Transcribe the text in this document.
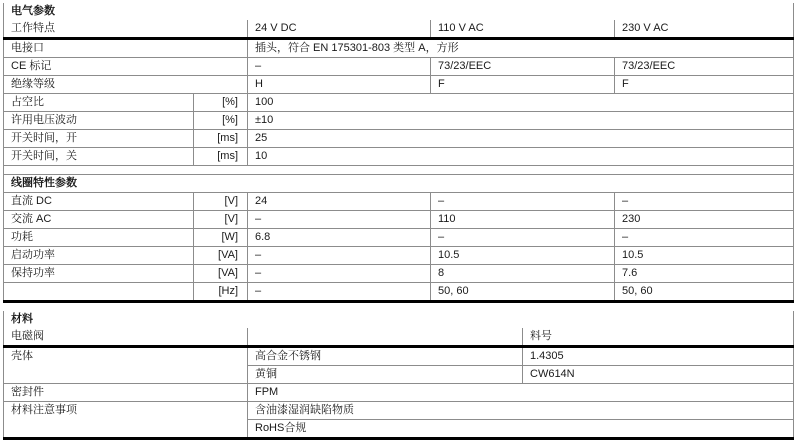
电气参数				
工作特点		24 V DC	110 V AC	230 V AC
电接口		插头，符合 EN 175301-803 类型 A，方形		
CE 标记		–	73/23/EEC	73/23/EEC
绝缘等级		H	F	F
占空比	[%]	100		
许用电压波动	[%]	±10		
开关时间，开	[ms]	25		
开关时间，关	[ms]	10		

线圈特性参数				
直流 DC	[V]	24	–	–
交流 AC	[V]	–	110	230
功耗	[W]	6.8	–	–
启动功率	[VA]	–	10.5	10.5
保持功率	[VA]	–	8	7.6
	[Hz]	–	50, 60	50, 60
材料		
电磁阀		料号
壳体	高合金不锈钢	1.4305
	黄铜	CW614N
密封件	FPM	
材料注意事项	含油漆湿润缺陷物质	
	RoHS合规	
